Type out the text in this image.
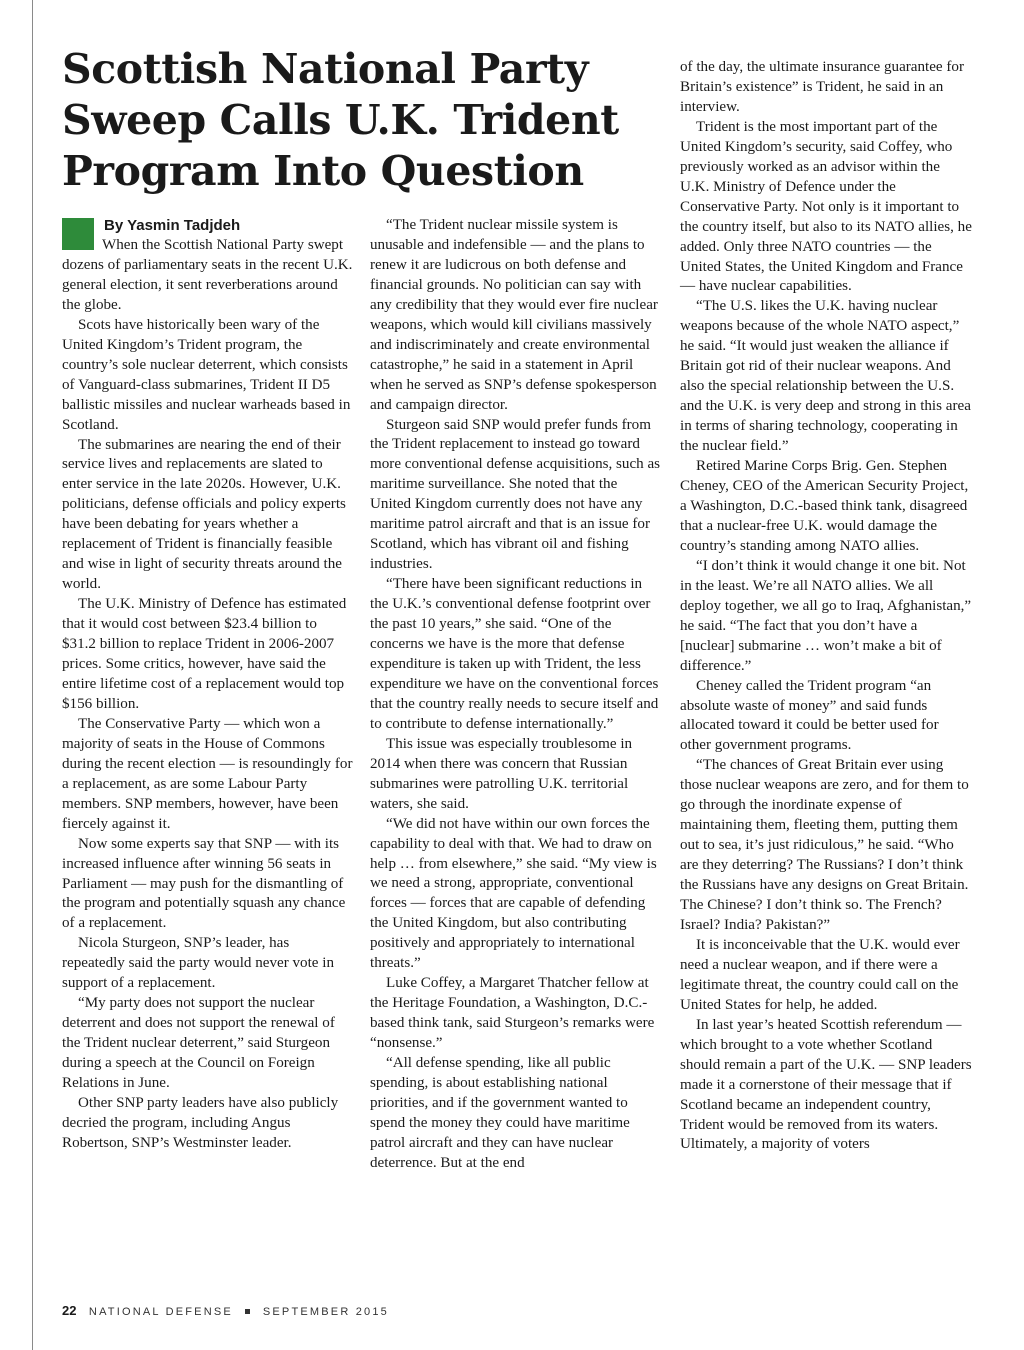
Scottish National Party
Sweep Calls U.K. Trident
Program Into Question
By Yasmin Tadjdeh

When the Scottish National Party swept dozens of parliamentary seats in the recent U.K. general election, it sent reverberations around the globe.

Scots have historically been wary of the United Kingdom’s Trident program, the country’s sole nuclear deterrent, which consists of Vanguard-class submarines, Trident II D5 ballistic missiles and nuclear warheads based in Scotland.

The submarines are nearing the end of their service lives and replacements are slated to enter service in the late 2020s. However, U.K. politicians, defense officials and policy experts have been debating for years whether a replacement of Trident is financially feasible and wise in light of security threats around the world.

The U.K. Ministry of Defence has estimated that it would cost between $23.4 billion to $31.2 billion to replace Trident in 2006-2007 prices. Some critics, however, have said the entire lifetime cost of a replacement would top $156 billion.

The Conservative Party — which won a majority of seats in the House of Commons during the recent election — is resoundingly for a replacement, as are some Labour Party members. SNP members, however, have been fiercely against it.

Now some experts say that SNP — with its increased influence after winning 56 seats in Parliament — may push for the dismantling of the program and potentially squash any chance of a replacement.

Nicola Sturgeon, SNP’s leader, has repeatedly said the party would never vote in support of a replacement.

“My party does not support the nuclear deterrent and does not support the renewal of the Trident nuclear deterrent,” said Sturgeon during a speech at the Council on Foreign Relations in June.

Other SNP party leaders have also publicly decried the program, including Angus Robertson, SNP’s Westminster leader.

“The Trident nuclear missile system is unusable and indefensible — and the plans to renew it are ludicrous on both defense and financial grounds. No politician can say with any credibility that they would ever fire nuclear weapons, which would kill civilians massively and indiscriminately and create environmental catastrophe,” he said in a statement in April when he served as SNP’s defense spokesperson and campaign director.

Sturgeon said SNP would prefer funds from the Trident replacement to instead go toward more conventional defense acquisitions, such as maritime surveillance. She noted that the United Kingdom currently does not have any maritime patrol aircraft and that is an issue for Scotland, which has vibrant oil and fishing industries.

“There have been significant reductions in the U.K.’s conventional defense footprint over the past 10 years,” she said. “One of the concerns we have is the more that defense expenditure is taken up with Trident, the less expenditure we have on the conventional forces that the country really needs to secure itself and to contribute to defense internationally.”

This issue was especially troublesome in 2014 when there was concern that Russian submarines were patrolling U.K. territorial waters, she said.

“We did not have within our own forces the capability to deal with that. We had to draw on help … from elsewhere,” she said. “My view is we need a strong, appropriate, conventional forces — forces that are capable of defending the United Kingdom, but also contributing positively and appropriately to international threats.”

Luke Coffey, a Margaret Thatcher fellow at the Heritage Foundation, a Washington, D.C.-based think tank, said Sturgeon’s remarks were “nonsense.”

“All defense spending, like all public spending, is about establishing national priorities, and if the government wanted to spend the money they could have maritime patrol aircraft and they can have nuclear deterrence. But at the end

of the day, the ultimate insurance guarantee for Britain’s existence” is Trident, he said in an interview.

Trident is the most important part of the United Kingdom’s security, said Coffey, who previously worked as an advisor within the U.K. Ministry of Defence under the Conservative Party. Not only is it important to the country itself, but also to its NATO allies, he added. Only three NATO countries — the United States, the United Kingdom and France — have nuclear capabilities.

“The U.S. likes the U.K. having nuclear weapons because of the whole NATO aspect,” he said. “It would just weaken the alliance if Britain got rid of their nuclear weapons. And also the special relationship between the U.S. and the U.K. is very deep and strong in this area in terms of sharing technology, cooperating in the nuclear field.”

Retired Marine Corps Brig. Gen. Stephen Cheney, CEO of the American Security Project, a Washington, D.C.-based think tank, disagreed that a nuclear-free U.K. would damage the country’s standing among NATO allies.

“I don’t think it would change it one bit. Not in the least. We’re all NATO allies. We all deploy together, we all go to Iraq, Afghanistan,” he said. “The fact that you don’t have a [nuclear] submarine … won’t make a bit of difference.”

Cheney called the Trident program “an absolute waste of money” and said funds allocated toward it could be better used for other government programs.

“The chances of Great Britain ever using those nuclear weapons are zero, and for them to go through the inordinate expense of maintaining them, fleeting them, putting them out to sea, it’s just ridiculous,” he said. “Who are they deterring? The Russians? I don’t think the Russians have any designs on Great Britain. The Chinese? I don’t think so. The French? Israel? India? Pakistan?”

It is inconceivable that the U.K. would ever need a nuclear weapon, and if there were a legitimate threat, the country could call on the United States for help, he added.

In last year’s heated Scottish referendum — which brought to a vote whether Scotland should remain a part of the U.K. — SNP leaders made it a cornerstone of their message that if Scotland became an independent country, Trident would be removed from its waters. Ultimately, a majority of voters

22 NATIONAL DEFENSE	SEPTEMBER 2015
